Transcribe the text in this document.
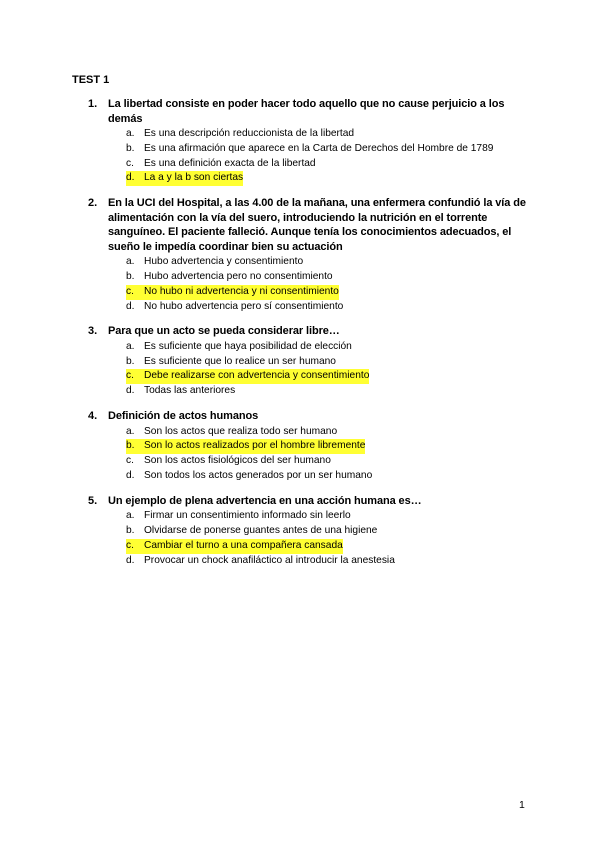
TEST 1
1. La libertad consiste en poder hacer todo aquello que no cause perjuicio a los demás
a. Es una descripción reduccionista de la libertad
b. Es una afirmación que aparece en la Carta de Derechos del Hombre de 1789
c. Es una definición exacta de la libertad
d. La a y la b son ciertas
2. En la UCI del Hospital, a las 4.00 de la mañana, una enfermera confundió la vía de alimentación con la vía del suero, introduciendo la nutrición en el torrente sanguíneo. El paciente falleció. Aunque tenía los conocimientos adecuados, el sueño le impedía coordinar bien su actuación
a. Hubo advertencia y consentimiento
b. Hubo advertencia pero no consentimiento
c. No hubo ni advertencia y ni consentimiento
d. No hubo advertencia pero sí consentimiento
3. Para que un acto se pueda considerar libre…
a. Es suficiente que haya posibilidad de elección
b. Es suficiente que lo realice un ser humano
c. Debe realizarse con advertencia y consentimiento
d. Todas las anteriores
4. Definición de actos humanos
a. Son los actos que realiza todo ser humano
b. Son lo actos realizados por el hombre libremente
c. Son los actos fisiológicos del ser humano
d. Son todos los actos generados por un ser humano
5. Un ejemplo de plena advertencia en una acción humana es…
a. Firmar un consentimiento informado sin leerlo
b. Olvidarse de ponerse guantes antes de una higiene
c. Cambiar el turno a una compañera cansada
d. Provocar un chock anafiláctico al introducir la anestesia
1
